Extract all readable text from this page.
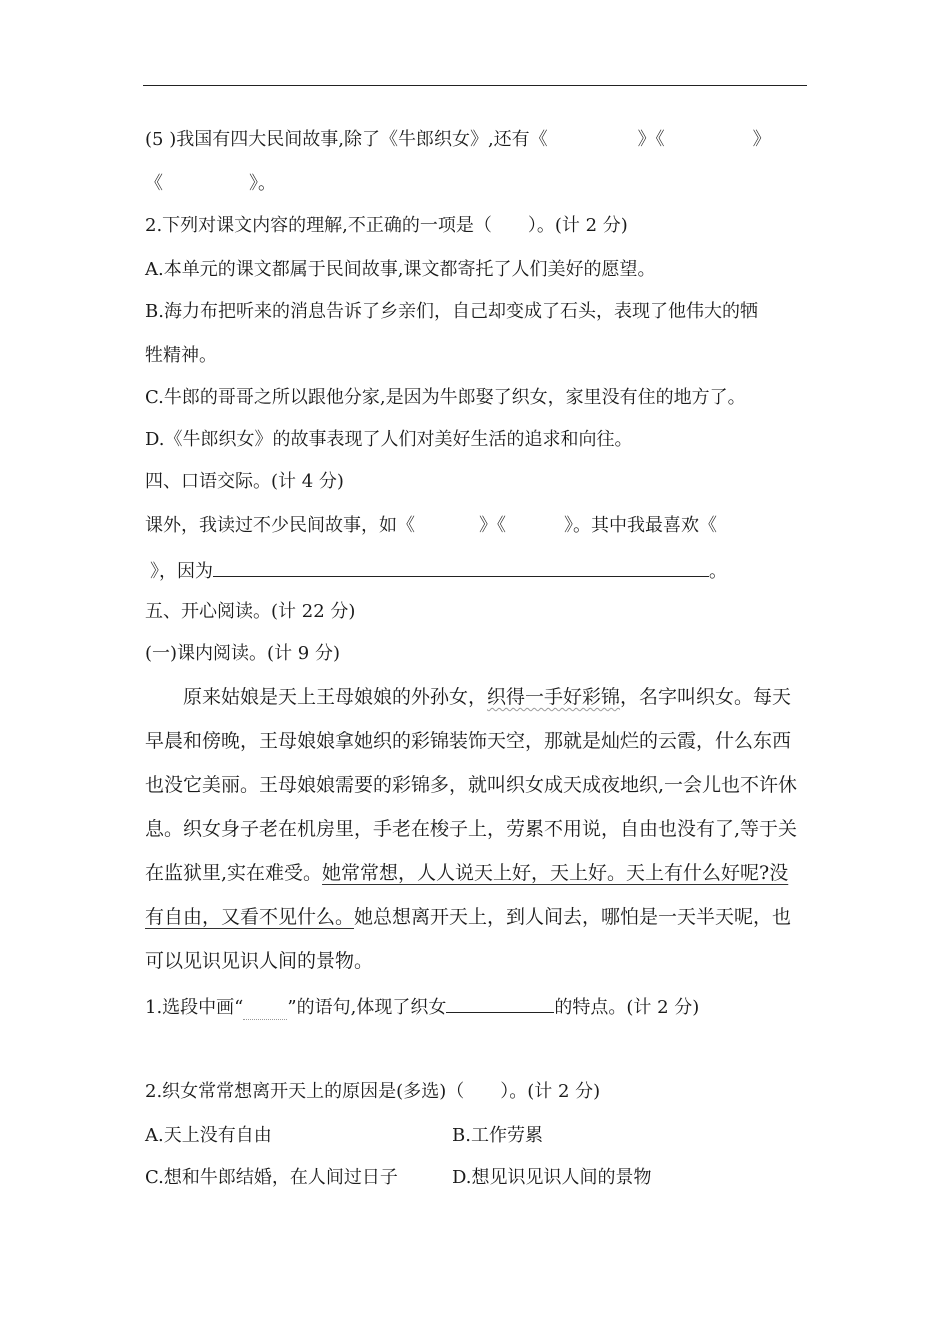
(5 )我国有四大民间故事,除了《牛郎织女》,还有《	》《	》
《	》。
2.下列对课文内容的理解,不正确的一项是（　　）。(计 2 分)
A.本单元的课文都属于民间故事,课文都寄托了人们美好的愿望。
B.海力布把听来的消息告诉了乡亲们，自己却变成了石头，表现了他伟大的牺
牲精神。
C.牛郎的哥哥之所以跟他分家,是因为牛郎娶了织女，家里没有住的地方了。
D.《牛郎织女》的故事表现了人们对美好生活的追求和向往。
四、口语交际。(计 4 分)
课外，我读过不少民间故事，如《	》《	》。其中我最喜欢《
》，因为	。
五、开心阅读。(计 22 分)
(一)课内阅读。(计 9 分)
原来姑娘是天上王母娘娘的外孙女，织得一手好彩锦，名字叫织女。每天
早晨和傍晚，王母娘娘拿她织的彩锦装饰天空，那就是灿烂的云霞，什么东西
也没它美丽。王母娘娘需要的彩锦多，就叫织女成天成夜地织,一会儿也不许休
息。织女身子老在机房里，手老在梭子上，劳累不用说，自由也没有了,等于关
在监狱里,实在难受。她常常想，人人说天上好，天上好。天上有什么好呢?没
有自由，又看不见什么。她总想离开天上，到人间去，哪怕是一天半天呢，也
可以见识见识人间的景物。
1.选段中画“ ”的语句,体现了织女	的特点。(计 2 分)
2.织女常常想离开天上的原因是(多选)（　　）。(计 2 分)
A.天上没有自由	B.工作劳累
C.想和牛郎结婚，在人间过日子	D.想见识见识人间的景物
